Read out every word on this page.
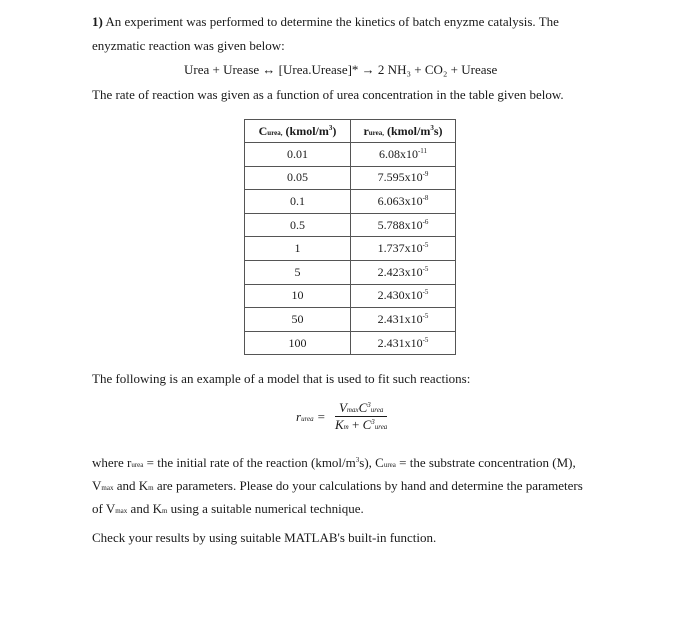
1) An experiment was performed to determine the kinetics of batch enyzme catalysis. The
enyzmatic reaction was given below:
Urea + Urease ↔ [Urea.Urease]* → 2 NH₃ + CO₂ + Urease
The rate of reaction was given as a function of urea concentration in the table given below.
Curea, $(kmol/m^3)$	rurea, $(kmol/m^3s)$
0.01	$6.08x10^{-11}$
0.05	$7.595x10^{-9}$
0.1	$6.063x10^{-8}$
0.5	$5.788x10^{-6}$
1	$1.737x10^{-5}$
5	$2.423x10^{-5}$
10	$2.430x10^{-5}$
50	$2.431x10^{-5}$
100	$2.431x10^{-5}$
The following is an example of a model that is used to fit such reactions:
rurea = $\frac{VmaxC^3urea}{Km + C^3urea}$
where rurea = the initial rate of the reaction $(kmol/m^3s)$, Curea = the substrate concentration (M),
Vmax and Km are parameters. Please do your calculations by hand and determine the parameters
of Vmax and Km using a suitable numerical technique.
Check your results by using suitable MATLAB's built-in function.
